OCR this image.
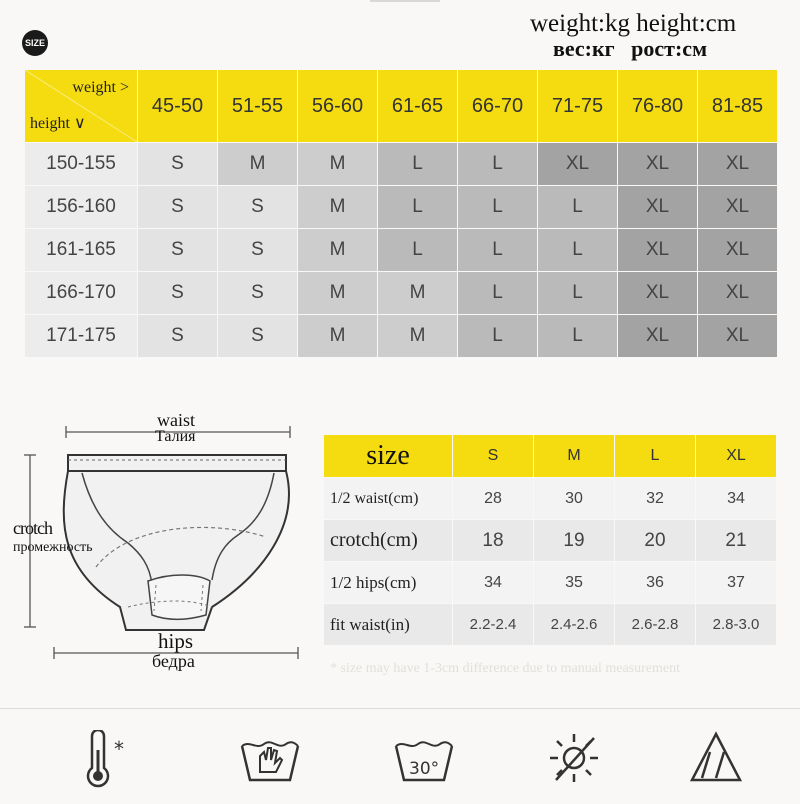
SIZE
weight:kg height:cm
вес:кг   рост:см
weight >
height ∨
45-50	51-55	56-60	61-65	66-70	71-75	76-80	81-85
150-155	S	M	M	L	L	XL	XL	XL
156-160	S	S	M	L	L	L	XL	XL
161-165	S	S	M	L	L	L	XL	XL
166-170	S	S	M	M	L	L	XL	XL
171-175	S	S	M	M	L	L	XL	XL
waist
Талия
crotch
промежность
hips
бедра
size	S	M	L	XL
1/2 waist(cm)	28	30	32	34
crotch(cm)	18	19	20	21
1/2 hips(cm)	34	35	36	37
fit waist(in)	2.2-2.4	2.4-2.6	2.6-2.8	2.8-3.0
* size may have 1-3cm difference due to manual measurement
*
30°
